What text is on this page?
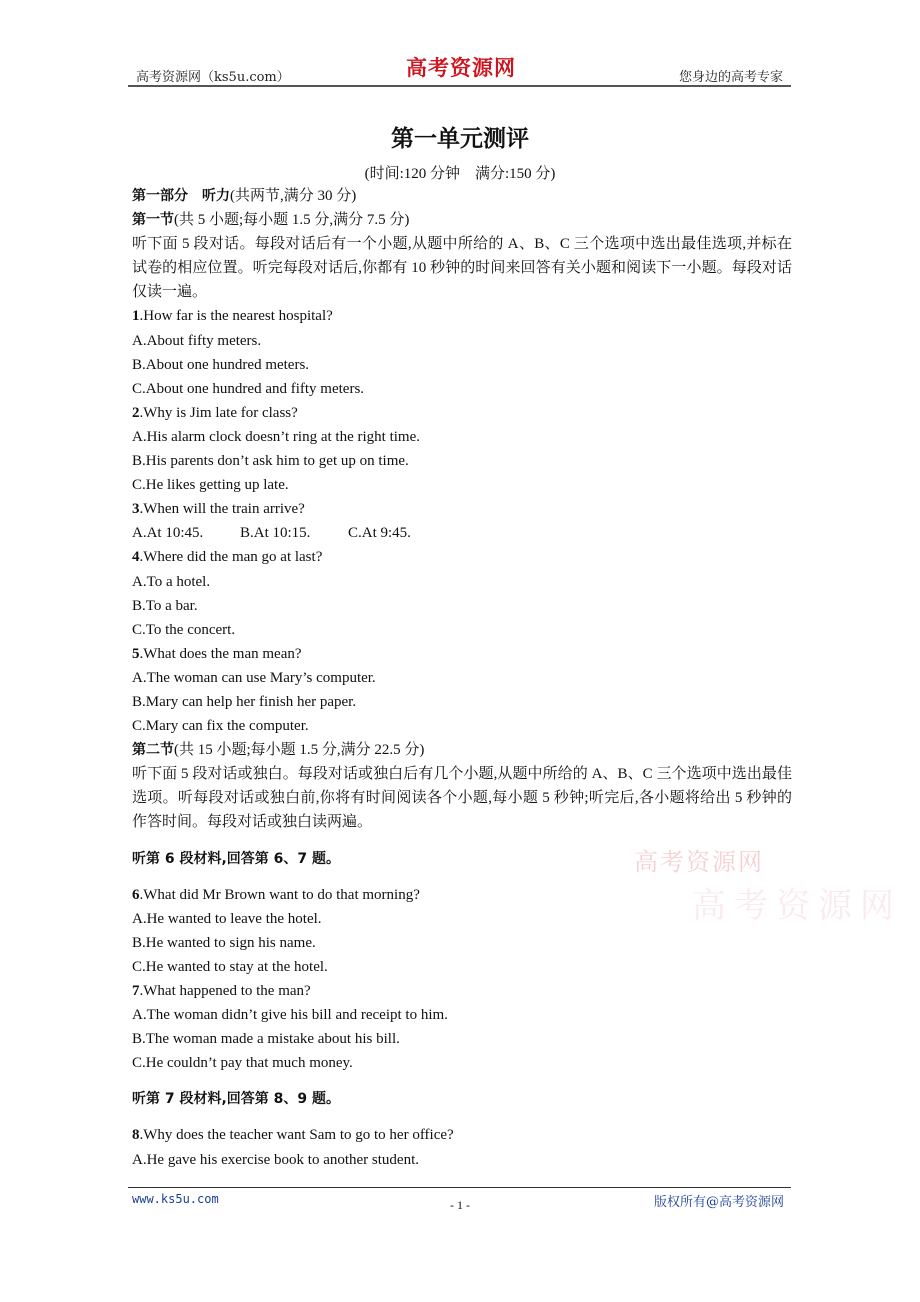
高考资源网（ks5u.com）	高考资源网	您身边的高考专家
第一单元测评
(时间:120 分钟　满分:150 分)
第一部分　听力(共两节,满分 30 分)
第一节(共 5 小题;每小题 1.5 分,满分 7.5 分)
听下面 5 段对话。每段对话后有一个小题,从题中所给的 A、B、C 三个选项中选出最佳选项,并标在试卷的相应位置。听完每段对话后,你都有 10 秒钟的时间来回答有关小题和阅读下一小题。每段对话仅读一遍。
1.How far is the nearest hospital?
A.About fifty meters.
B.About one hundred meters.
C.About one hundred and fifty meters.
2.Why is Jim late for class?
A.His alarm clock doesn’t ring at the right time.
B.His parents don’t ask him to get up on time.
C.He likes getting up late.
3.When will the train arrive?
A.At 10:45. B.At 10:15.	C.At 9:45.
4.Where did the man go at last?
A.To a hotel.
B.To a bar.
C.To the concert.
5.What does the man mean?
A.The woman can use Mary’s computer.
B.Mary can help her finish her paper.
C.Mary can fix the computer.
第二节(共 15 小题;每小题 1.5 分,满分 22.5 分)
听下面 5 段对话或独白。每段对话或独白后有几个小题,从题中所给的 A、B、C 三个选项中选出最佳选项。听每段对话或独白前,你将有时间阅读各个小题,每小题 5 秒钟;听完后,各小题将给出 5 秒钟的作答时间。每段对话或独白读两遍。
听第 6 段材料,回答第 6、7 题。
6.What did Mr Brown want to do that morning?
A.He wanted to leave the hotel.
B.He wanted to sign his name.
C.He wanted to stay at the hotel.
7.What happened to the man?
A.The woman didn’t give his bill and receipt to him.
B.The woman made a mistake about his bill.
C.He couldn’t pay that much money.
听第 7 段材料,回答第 8、9 题。
8.Why does the teacher want Sam to go to her office?
A.He gave his exercise book to another student.
高考资源网
高考资源网
www.ks5u.com	- 1 -	版权所有@高考资源网
